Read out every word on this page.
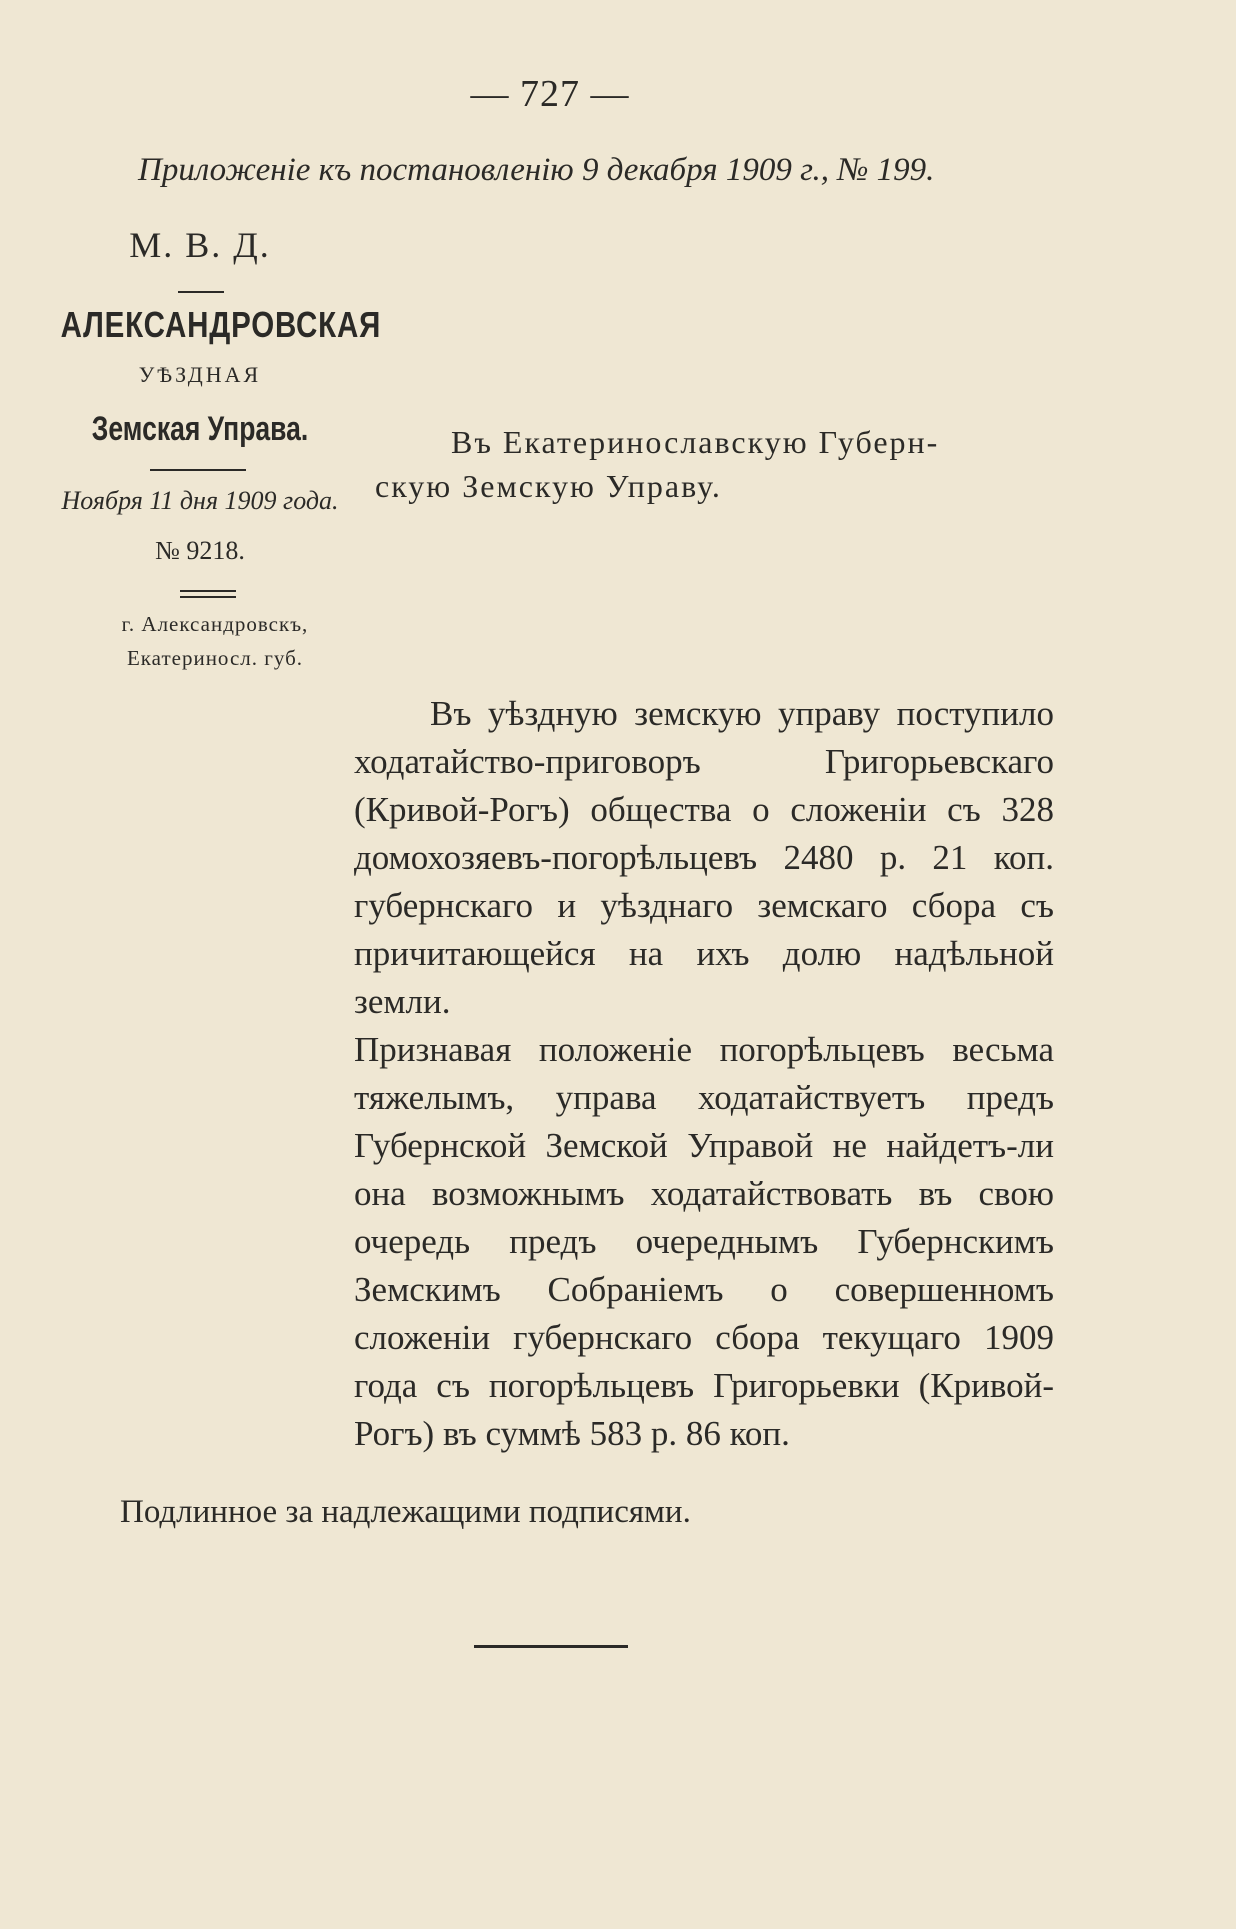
— 727 —
Приложенiе къ постановленiю 9 декабря 1909 г., № 199.
М. В. Д.
АЛЕКСАНДРОВСКАЯ
УѢЗДНАЯ
Земская Управа.
Ноября 11 дня 1909 года.
№ 9218.
г. Александровскъ,
Екатериносл. губ.
Въ Екатеринославскую Губерн-
скую Земскую Управу.

Въ уѣздную земскую управу поступило ходатайство-приговоръ Григорьевскаго (Кривой-Рогъ) общества о сложенiи съ 328 домохозяевъ-погорѣльцевъ 2480 р. 21 коп. губернскаго и уѣзднаго земскаго сбора съ причитающейся на ихъ долю надѣльной земли.

Признавая положенiе погорѣльцевъ весьма тяжелымъ, управа ходатайствуетъ предъ Губернской Земской Управой не найдетъ-ли она возможнымъ ходатайствовать въ свою очередь предъ очереднымъ Губернскимъ Земскимъ Собранiемъ о совершенномъ сложенiи губернскаго сбора текущаго 1909 года съ погорѣльцевъ Григорьевки (Кривой-Рогъ) въ суммѣ 583 р. 86 коп.

Подлинное за надлежащими подписями.
